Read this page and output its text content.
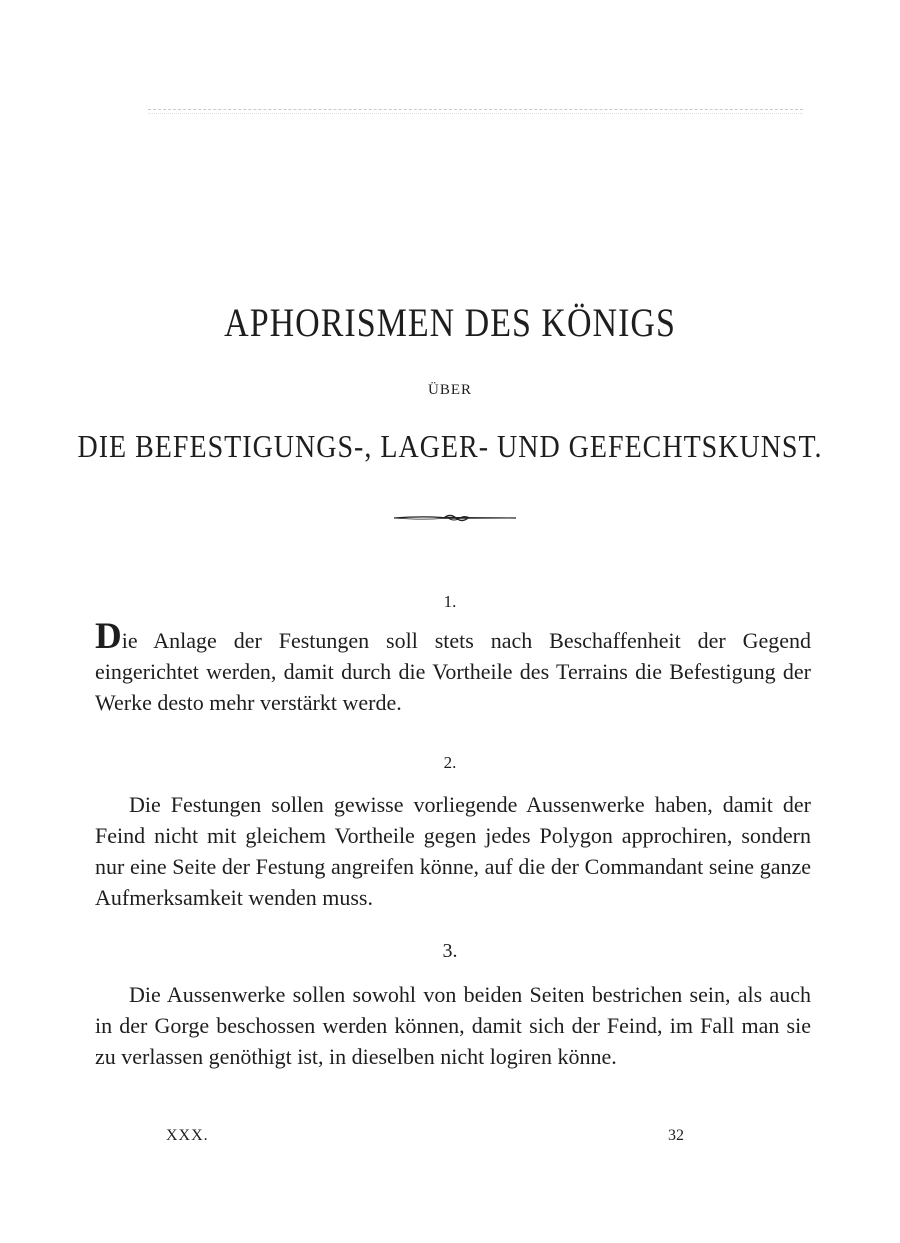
APHORISMEN DES KÖNIGS
ÜBER
DIE BEFESTIGUNGS-, LAGER- UND GEFECHTSKUNST.
1.

Die Anlage der Festungen soll stets nach Beschaffenheit der Gegend eingerichtet werden, damit durch die Vortheile des Terrains die Befestigung der Werke desto mehr verstärkt werde.

2.

Die Festungen sollen gewisse vorliegende Aussenwerke haben, damit der Feind nicht mit gleichem Vortheile gegen jedes Polygon approchiren, sondern nur eine Seite der Festung angreifen könne, auf die der Commandant seine ganze Aufmerksamkeit wenden muss.

3.

Die Aussenwerke sollen sowohl von beiden Seiten bestrichen sein, als auch in der Gorge beschossen werden können, damit sich der Feind, im Fall man sie zu verlassen genöthigt ist, in dieselben nicht logiren könne.

XXX.	32
